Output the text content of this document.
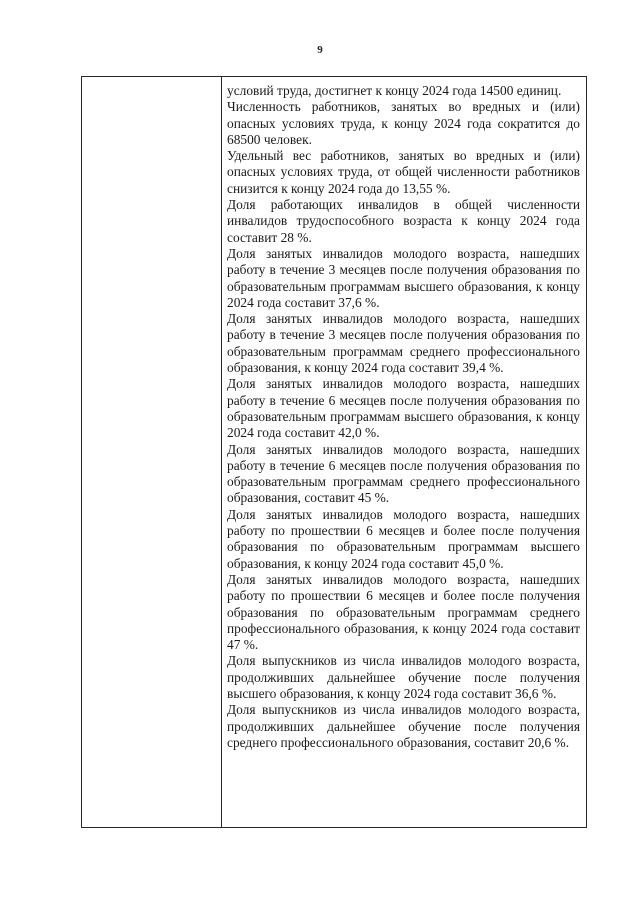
9

условий труда, достигнет к концу 2024 года 14500 единиц.

Численность работников, занятых во вредных и (или) опасных условиях труда, к концу 2024 года сократится до 68500 человек.

Удельный вес работников, занятых во вредных и (или) опасных условиях труда, от общей численности работников снизится к концу 2024 года до 13,55 %.

Доля работающих инвалидов в общей численности инвалидов трудоспособного возраста к концу 2024 года составит 28 %.

Доля занятых инвалидов молодого возраста, нашедших работу в течение 3 месяцев после получения образования по образовательным программам высшего образования, к концу 2024 года составит 37,6 %.

Доля занятых инвалидов молодого возраста, нашедших работу в течение 3 месяцев после получения образования по образовательным программам среднего профессионального образования, к концу 2024 года составит 39,4 %.

Доля занятых инвалидов молодого возраста, нашедших работу в течение 6 месяцев после получения образования по образовательным программам высшего образования, к концу 2024 года составит 42,0 %.

Доля занятых инвалидов молодого возраста, нашедших работу в течение 6 месяцев после получения образования по образовательным программам среднего профессионального образования, составит 45 %.

Доля занятых инвалидов молодого возраста, нашедших работу по прошествии 6 месяцев и более после получения образования по образовательным программам высшего образования, к концу 2024 года составит 45,0 %.

Доля занятых инвалидов молодого возраста, нашедших работу по прошествии 6 месяцев и более после получения образования по образовательным программам среднего профессионального образования, к концу 2024 года составит 47 %.

Доля выпускников из числа инвалидов молодого возраста, продолживших дальнейшее обучение после получения высшего образования, к концу 2024 года составит 36,6 %.

Доля выпускников из числа инвалидов молодого возраста, продолживших дальнейшее обучение после получения среднего профессионального образования, составит 20,6 %.
